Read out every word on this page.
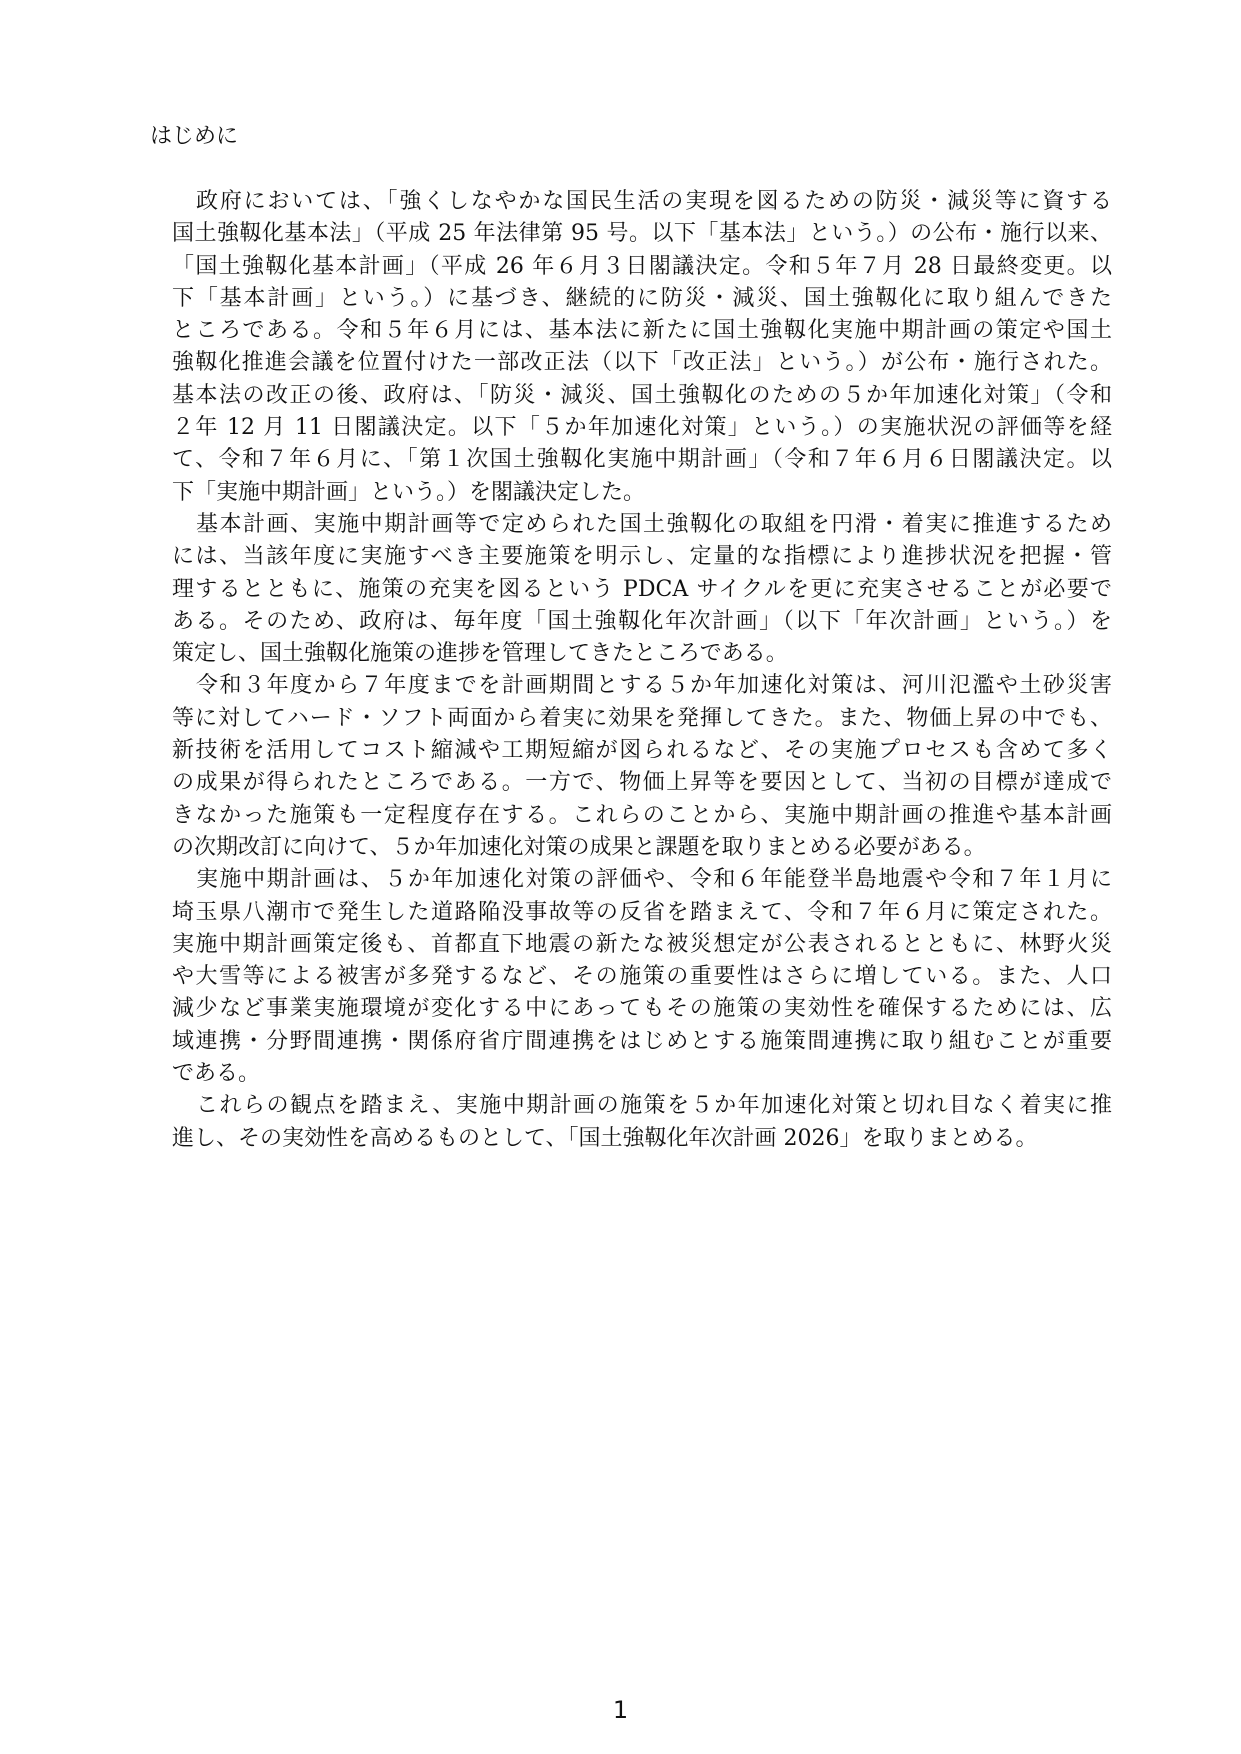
はじめに
政府においては、「強くしなやかな国民生活の実現を図るための防災・減災等に資する
国土強靱化基本法」（平成 25 年法律第 95 号。以下「基本法」という。）の公布・施行以来、
「国土強靱化基本計画」（平成 26 年６月３日閣議決定。令和５年７月 28 日最終変更。以
下「基本計画」という。）に基づき、継続的に防災・減災、国土強靱化に取り組んできた
ところである。令和５年６月には、基本法に新たに国土強靱化実施中期計画の策定や国土
強靱化推進会議を位置付けた一部改正法（以下「改正法」という。）が公布・施行された。
基本法の改正の後、政府は、「防災・減災、国土強靱化のための５か年加速化対策」（令和
２年 12 月 11 日閣議決定。以下「５か年加速化対策」という。）の実施状況の評価等を経
て、令和７年６月に、「第１次国土強靱化実施中期計画」（令和７年６月６日閣議決定。以
下「実施中期計画」という。）を閣議決定した。
基本計画、実施中期計画等で定められた国土強靱化の取組を円滑・着実に推進するため
には、当該年度に実施すべき主要施策を明示し、定量的な指標により進捗状況を把握・管
理するとともに、施策の充実を図るという PDCA サイクルを更に充実させることが必要で
ある。そのため、政府は、毎年度「国土強靱化年次計画」（以下「年次計画」という。）を
策定し、国土強靱化施策の進捗を管理してきたところである。
令和３年度から７年度までを計画期間とする５か年加速化対策は、河川氾濫や土砂災害
等に対してハード・ソフト両面から着実に効果を発揮してきた。また、物価上昇の中でも、
新技術を活用してコスト縮減や工期短縮が図られるなど、その実施プロセスも含めて多く
の成果が得られたところである。一方で、物価上昇等を要因として、当初の目標が達成で
きなかった施策も一定程度存在する。これらのことから、実施中期計画の推進や基本計画
の次期改訂に向けて、５か年加速化対策の成果と課題を取りまとめる必要がある。
実施中期計画は、５か年加速化対策の評価や、令和６年能登半島地震や令和７年１月に
埼玉県八潮市で発生した道路陥没事故等の反省を踏まえて、令和７年６月に策定された。
実施中期計画策定後も、首都直下地震の新たな被災想定が公表されるとともに、林野火災
や大雪等による被害が多発するなど、その施策の重要性はさらに増している。また、人口
減少など事業実施環境が変化する中にあってもその施策の実効性を確保するためには、広
域連携・分野間連携・関係府省庁間連携をはじめとする施策間連携に取り組むことが重要
である。
これらの観点を踏まえ、実施中期計画の施策を５か年加速化対策と切れ目なく着実に推
進し、その実効性を高めるものとして、「国土強靱化年次計画 2026」を取りまとめる。
1
